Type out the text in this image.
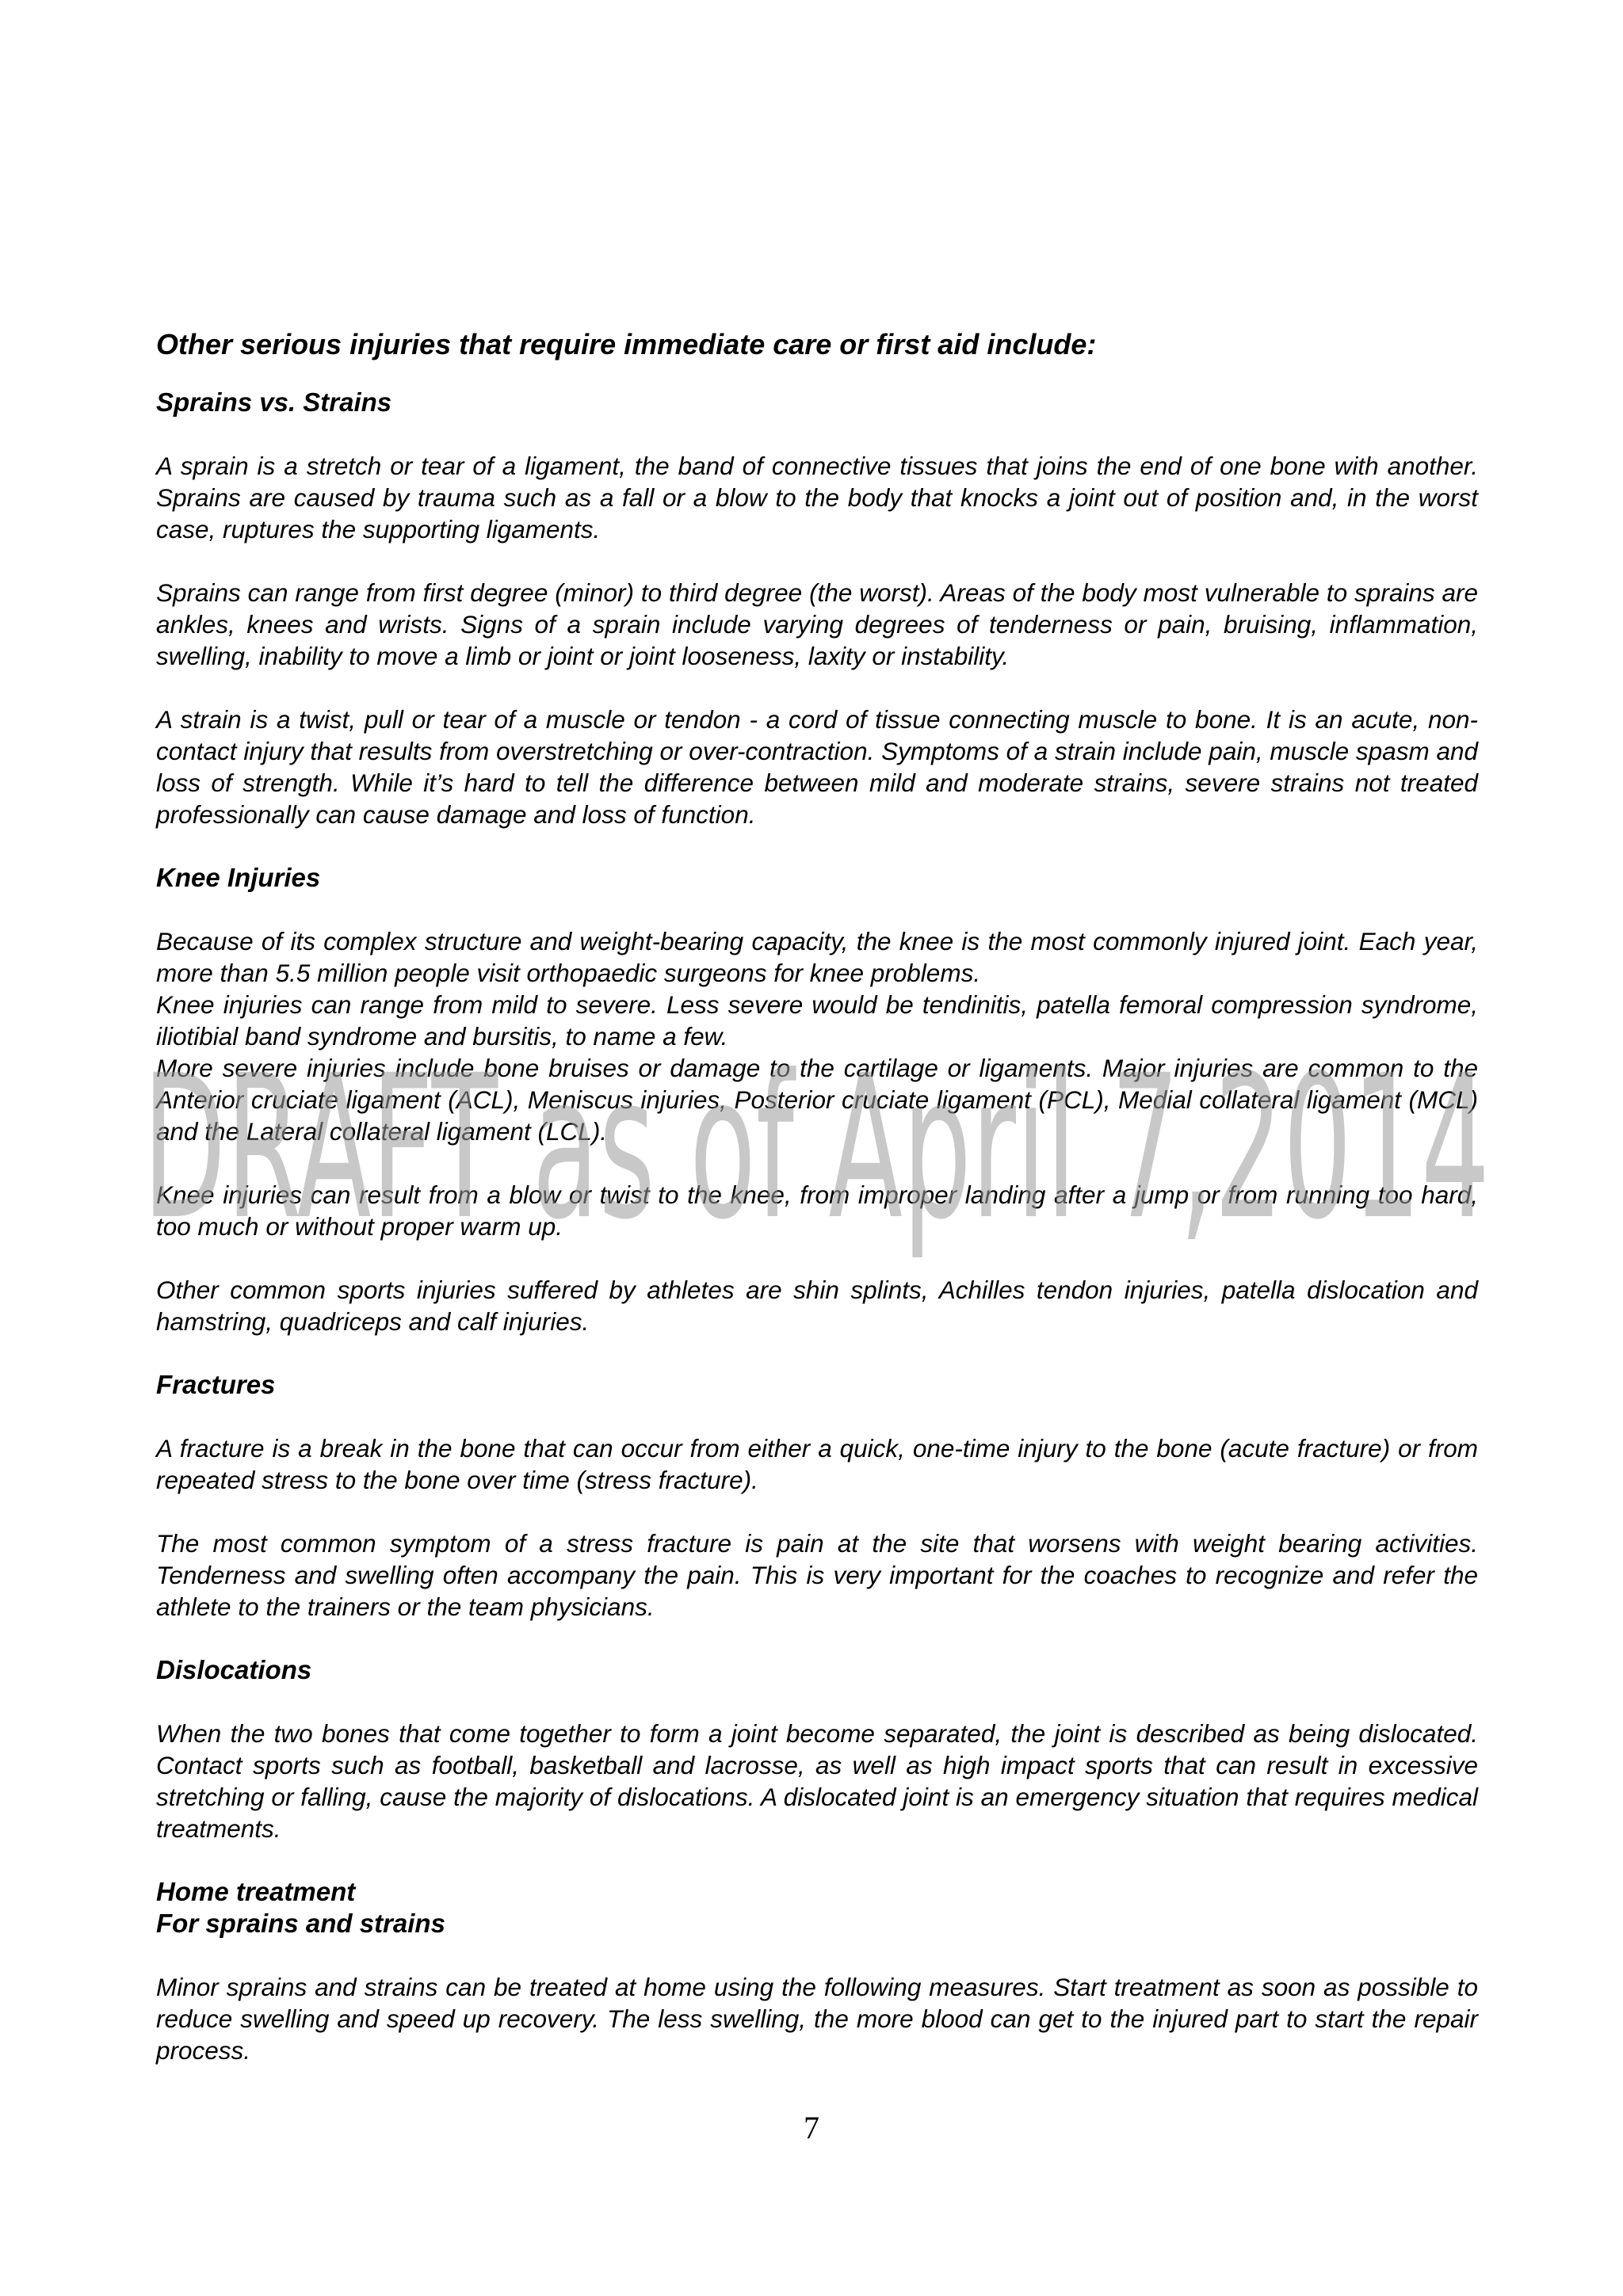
Other serious injuries that require immediate care or first aid include:
Sprains vs. Strains

A sprain is a stretch or tear of a ligament, the band of connective tissues that joins the end of one bone with another. Sprains are caused by trauma such as a fall or a blow to the body that knocks a joint out of position and, in the worst case, ruptures the supporting ligaments.

Sprains can range from first degree (minor) to third degree (the worst). Areas of the body most vulnerable to sprains are ankles, knees and wrists. Signs of a sprain include varying degrees of tenderness or pain, bruising, inflammation, swelling, inability to move a limb or joint or joint looseness, laxity or instability.

A strain is a twist, pull or tear of a muscle or tendon - a cord of tissue connecting muscle to bone. It is an acute, non-contact injury that results from overstretching or over-contraction. Symptoms of a strain include pain, muscle spasm and loss of strength. While it’s hard to tell the difference between mild and moderate strains, severe strains not treated professionally can cause damage and loss of function.

Knee Injuries

Because of its complex structure and weight-bearing capacity, the knee is the most commonly injured joint. Each year, more than 5.5 million people visit orthopaedic surgeons for knee problems.

Knee injuries can range from mild to severe. Less severe would be tendinitis, patella femoral compression syndrome, iliotibial band syndrome and bursitis, to name a few.

More severe injuries include bone bruises or damage to the cartilage or ligaments. Major injuries are common to the Anterior cruciate ligament (ACL), Meniscus injuries, Posterior cruciate ligament (PCL), Medial collateral ligament (MCL) and the Lateral collateral ligament (LCL).

Knee injuries can result from a blow or twist to the knee, from improper landing after a jump or from running too hard, too much or without proper warm up.

Other common sports injuries suffered by athletes are shin splints, Achilles tendon injuries, patella dislocation and hamstring, quadriceps and calf injuries.

Fractures

A fracture is a break in the bone that can occur from either a quick, one-time injury to the bone (acute fracture) or from repeated stress to the bone over time (stress fracture).

The most common symptom of a stress fracture is pain at the site that worsens with weight bearing activities. Tenderness and swelling often accompany the pain. This is very important for the coaches to recognize and refer the athlete to the trainers or the team physicians.

Dislocations

When the two bones that come together to form a joint become separated, the joint is described as being dislocated. Contact sports such as football, basketball and lacrosse, as well as high impact sports that can result in excessive stretching or falling, cause the majority of dislocations. A dislocated joint is an emergency situation that requires medical treatments.

Home treatment
For sprains and strains

Minor sprains and strains can be treated at home using the following measures. Start treatment as soon as possible to reduce swelling and speed up recovery. The less swelling, the more blood can get to the injured part to start the repair process.

DRAFT as of April 7,2014
7
